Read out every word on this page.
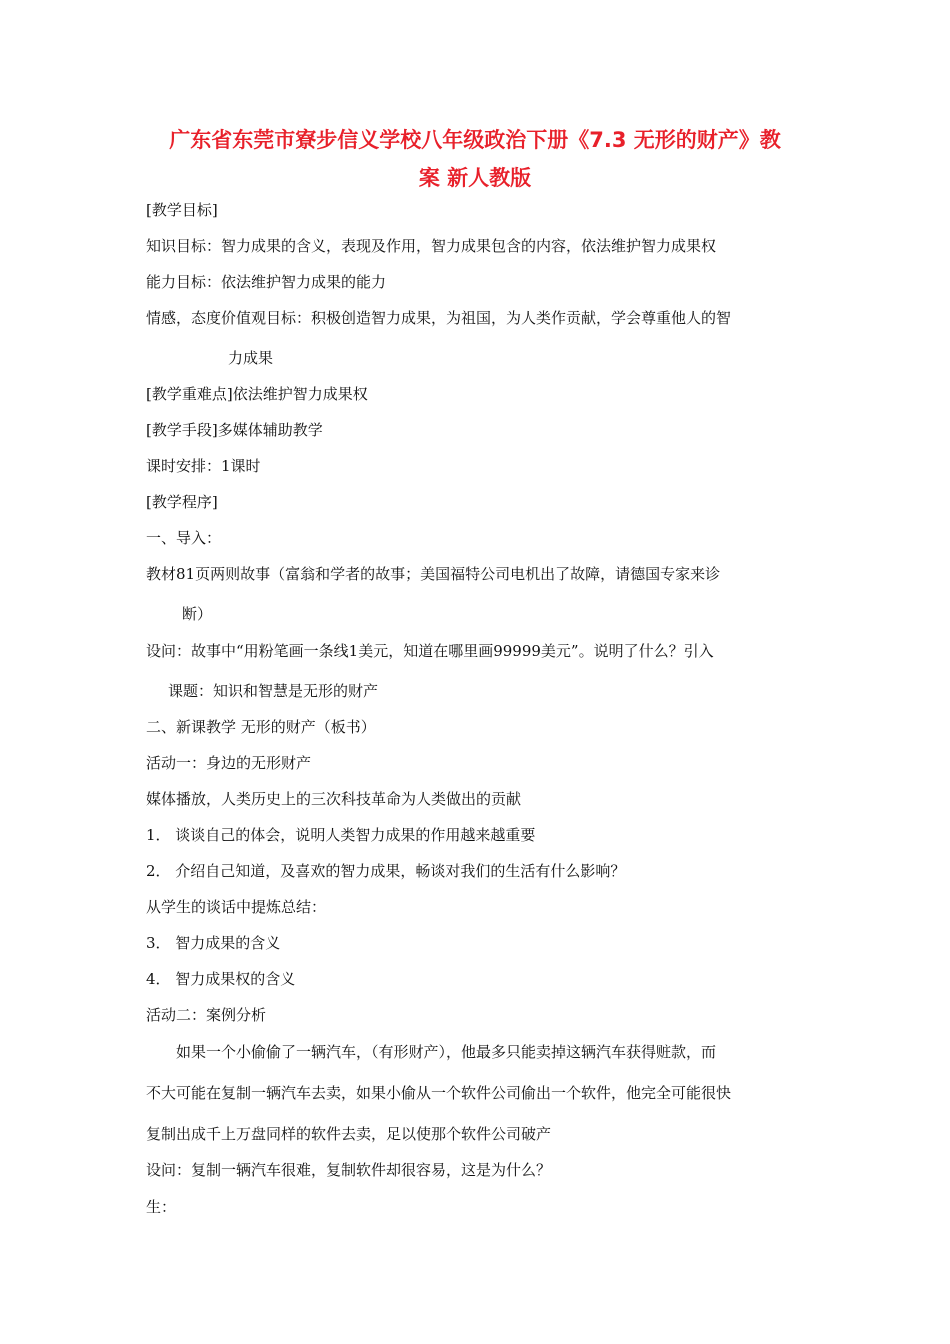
广东省东莞市寮步信义学校八年级政治下册《7.3 无形的财产》教
案 新人教版
[教学目标]
知识目标：智力成果的含义，表现及作用，智力成果包含的内容，依法维护智力成果权
能力目标：依法维护智力成果的能力
情感，态度价值观目标：积极创造智力成果，为祖国，为人类作贡献，学会尊重他人的智
力成果
[教学重难点]依法维护智力成果权
[教学手段]多媒体辅助教学
课时安排：1课时
[教学程序]
一、导入：
教材81页两则故事（富翁和学者的故事；美国福特公司电机出了故障，请德国专家来诊
断）
设问：故事中“用粉笔画一条线1美元，知道在哪里画99999美元”。说明了什么？引入
课题：知识和智慧是无形的财产
二、新课教学 无形的财产（板书）
活动一：身边的无形财产
媒体播放，人类历史上的三次科技革命为人类做出的贡献
1． 谈谈自己的体会，说明人类智力成果的作用越来越重要
2． 介绍自己知道，及喜欢的智力成果，畅谈对我们的生活有什么影响？
从学生的谈话中提炼总结：
3． 智力成果的含义
4． 智力成果权的含义
活动二：案例分析
如果一个小偷偷了一辆汽车，（有形财产），他最多只能卖掉这辆汽车获得赃款，而
不大可能在复制一辆汽车去卖，如果小偷从一个软件公司偷出一个软件，他完全可能很快
复制出成千上万盘同样的软件去卖，足以使那个软件公司破产
设问：复制一辆汽车很难，复制软件却很容易，这是为什么？
生：
